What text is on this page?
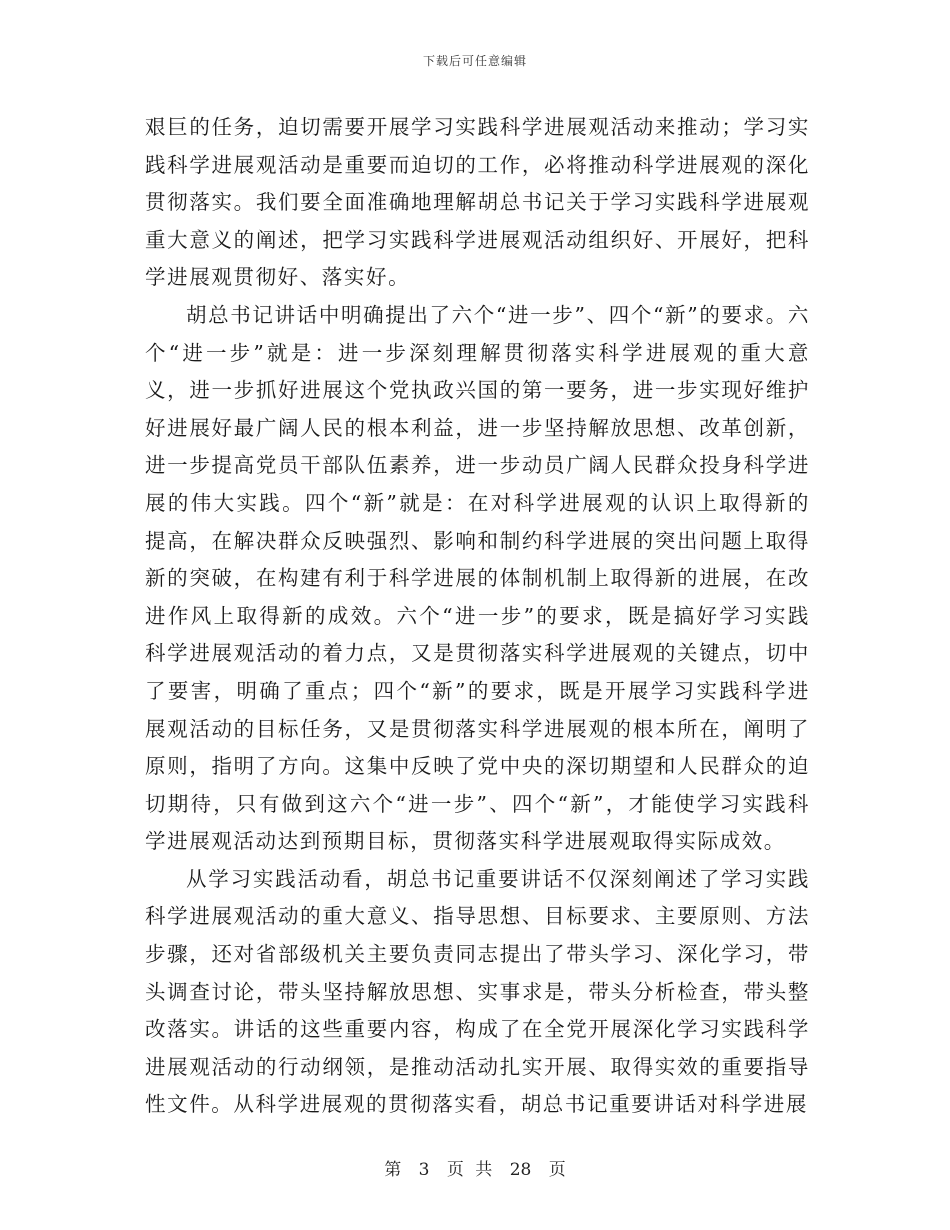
下载后可任意编辑

艰巨的任务，迫切需要开展学习实践科学进展观活动来推动；学习实践科学进展观活动是重要而迫切的工作，必将推动科学进展观的深化贯彻落实。我们要全面准确地理解胡总书记关于学习实践科学进展观重大意义的阐述，把学习实践科学进展观活动组织好、开展好，把科学进展观贯彻好、落实好。

胡总书记讲话中明确提出了六个“进一步”、四个“新”的要求。六个“进一步”就是：进一步深刻理解贯彻落实科学进展观的重大意义，进一步抓好进展这个党执政兴国的第一要务，进一步实现好维护好进展好最广阔人民的根本利益，进一步坚持解放思想、改革创新，进一步提高党员干部队伍素养，进一步动员广阔人民群众投身科学进展的伟大实践。四个“新”就是：在对科学进展观的认识上取得新的提高，在解决群众反映强烈、影响和制约科学进展的突出问题上取得新的突破，在构建有利于科学进展的体制机制上取得新的进展，在改进作风上取得新的成效。六个“进一步”的要求，既是搞好学习实践科学进展观活动的着力点，又是贯彻落实科学进展观的关键点，切中了要害，明确了重点；四个“新”的要求，既是开展学习实践科学进展观活动的目标任务，又是贯彻落实科学进展观的根本所在，阐明了原则，指明了方向。这集中反映了党中央的深切期望和人民群众的迫切期待，只有做到这六个“进一步”、四个“新”，才能使学习实践科学进展观活动达到预期目标，贯彻落实科学进展观取得实际成效。

从学习实践活动看，胡总书记重要讲话不仅深刻阐述了学习实践科学进展观活动的重大意义、指导思想、目标要求、主要原则、方法步骤，还对省部级机关主要负责同志提出了带头学习、深化学习，带头调查讨论，带头坚持解放思想、实事求是，带头分析检查，带头整改落实。讲话的这些重要内容，构成了在全党开展深化学习实践科学进展观活动的行动纲领，是推动活动扎实开展、取得实效的重要指导性文件。从科学进展观的贯彻落实看，胡总书记重要讲话对科学进展

第 3 页 共 28 页
